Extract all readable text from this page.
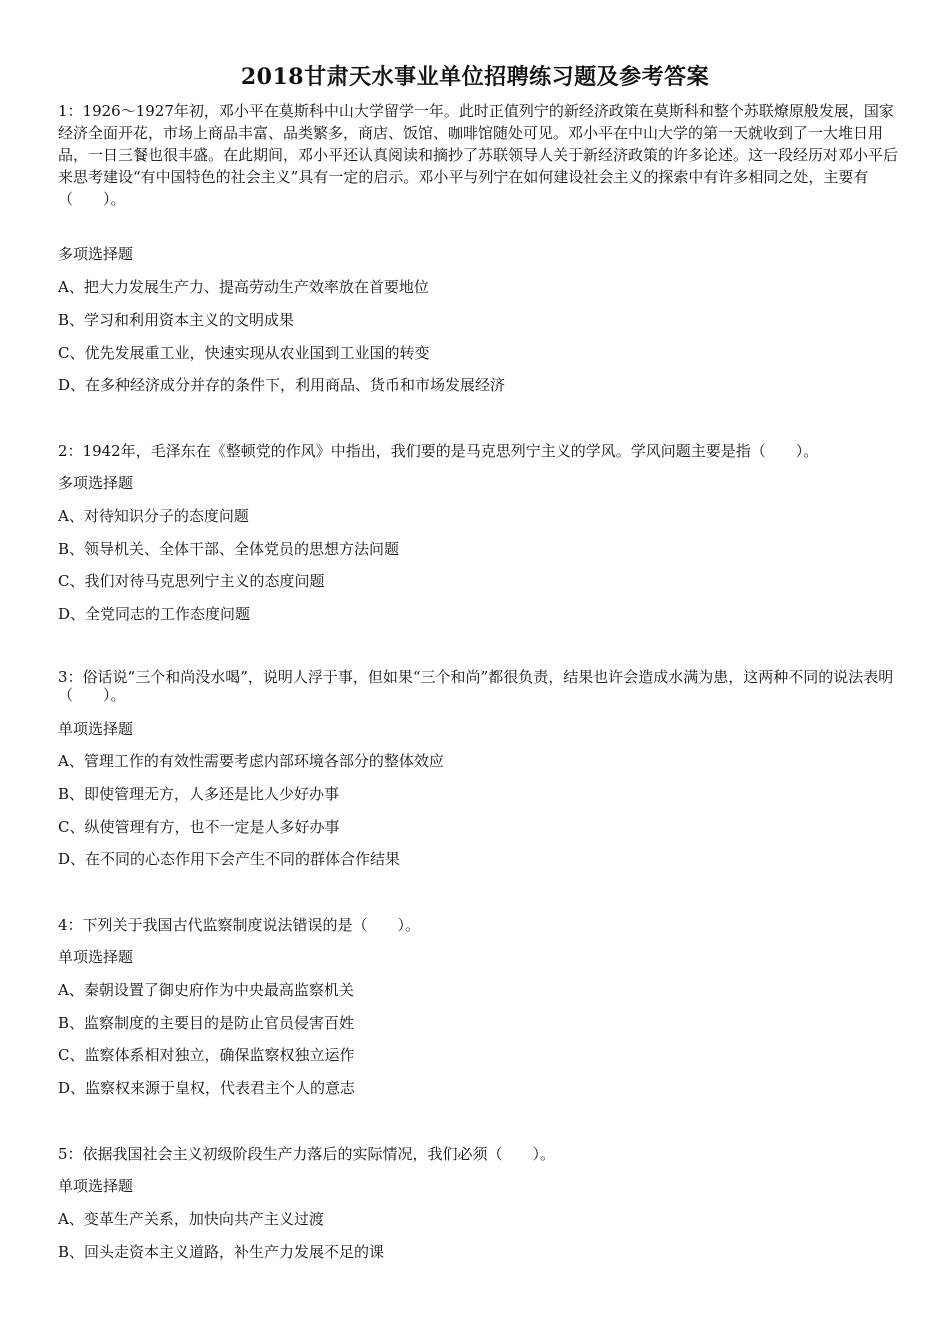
2018甘肃天水事业单位招聘练习题及参考答案

1：1926～1927年初，邓小平在莫斯科中山大学留学一年。此时正值列宁的新经济政策在莫斯科和整个苏联燎原般发展，国家经济全面开花，市场上商品丰富、品类繁多，商店、饭馆、咖啡馆随处可见。邓小平在中山大学的第一天就收到了一大堆日用品，一日三餐也很丰盛。在此期间，邓小平还认真阅读和摘抄了苏联领导人关于新经济政策的许多论述。这一段经历对邓小平后来思考建设“有中国特色的社会主义”具有一定的启示。邓小平与列宁在如何建设社会主义的探索中有许多相同之处，主要有（　　）。

多项选择题

A、把大力发展生产力、提高劳动生产效率放在首要地位

B、学习和利用资本主义的文明成果

C、优先发展重工业，快速实现从农业国到工业国的转变

D、在多种经济成分并存的条件下，利用商品、货币和市场发展经济

2：1942年，毛泽东在《整顿党的作风》中指出，我们要的是马克思列宁主义的学风。学风问题主要是指（　　）。

多项选择题

A、对待知识分子的态度问题

B、领导机关、全体干部、全体党员的思想方法问题

C、我们对待马克思列宁主义的态度问题

D、全党同志的工作态度问题

3：俗话说“三个和尚没水喝”，说明人浮于事，但如果“三个和尚”都很负责，结果也许会造成水满为患，这两种不同的说法表明（　　）。

单项选择题

A、管理工作的有效性需要考虑内部环境各部分的整体效应

B、即使管理无方，人多还是比人少好办事

C、纵使管理有方，也不一定是人多好办事

D、在不同的心态作用下会产生不同的群体合作结果

4：下列关于我国古代监察制度说法错误的是（　　）。

单项选择题

A、秦朝设置了御史府作为中央最高监察机关

B、监察制度的主要目的是防止官员侵害百姓

C、监察体系相对独立，确保监察权独立运作

D、监察权来源于皇权，代表君主个人的意志

5：依据我国社会主义初级阶段生产力落后的实际情况，我们必须（　　）。

单项选择题

A、变革生产关系，加快向共产主义过渡

B、回头走资本主义道路，补生产力发展不足的课
